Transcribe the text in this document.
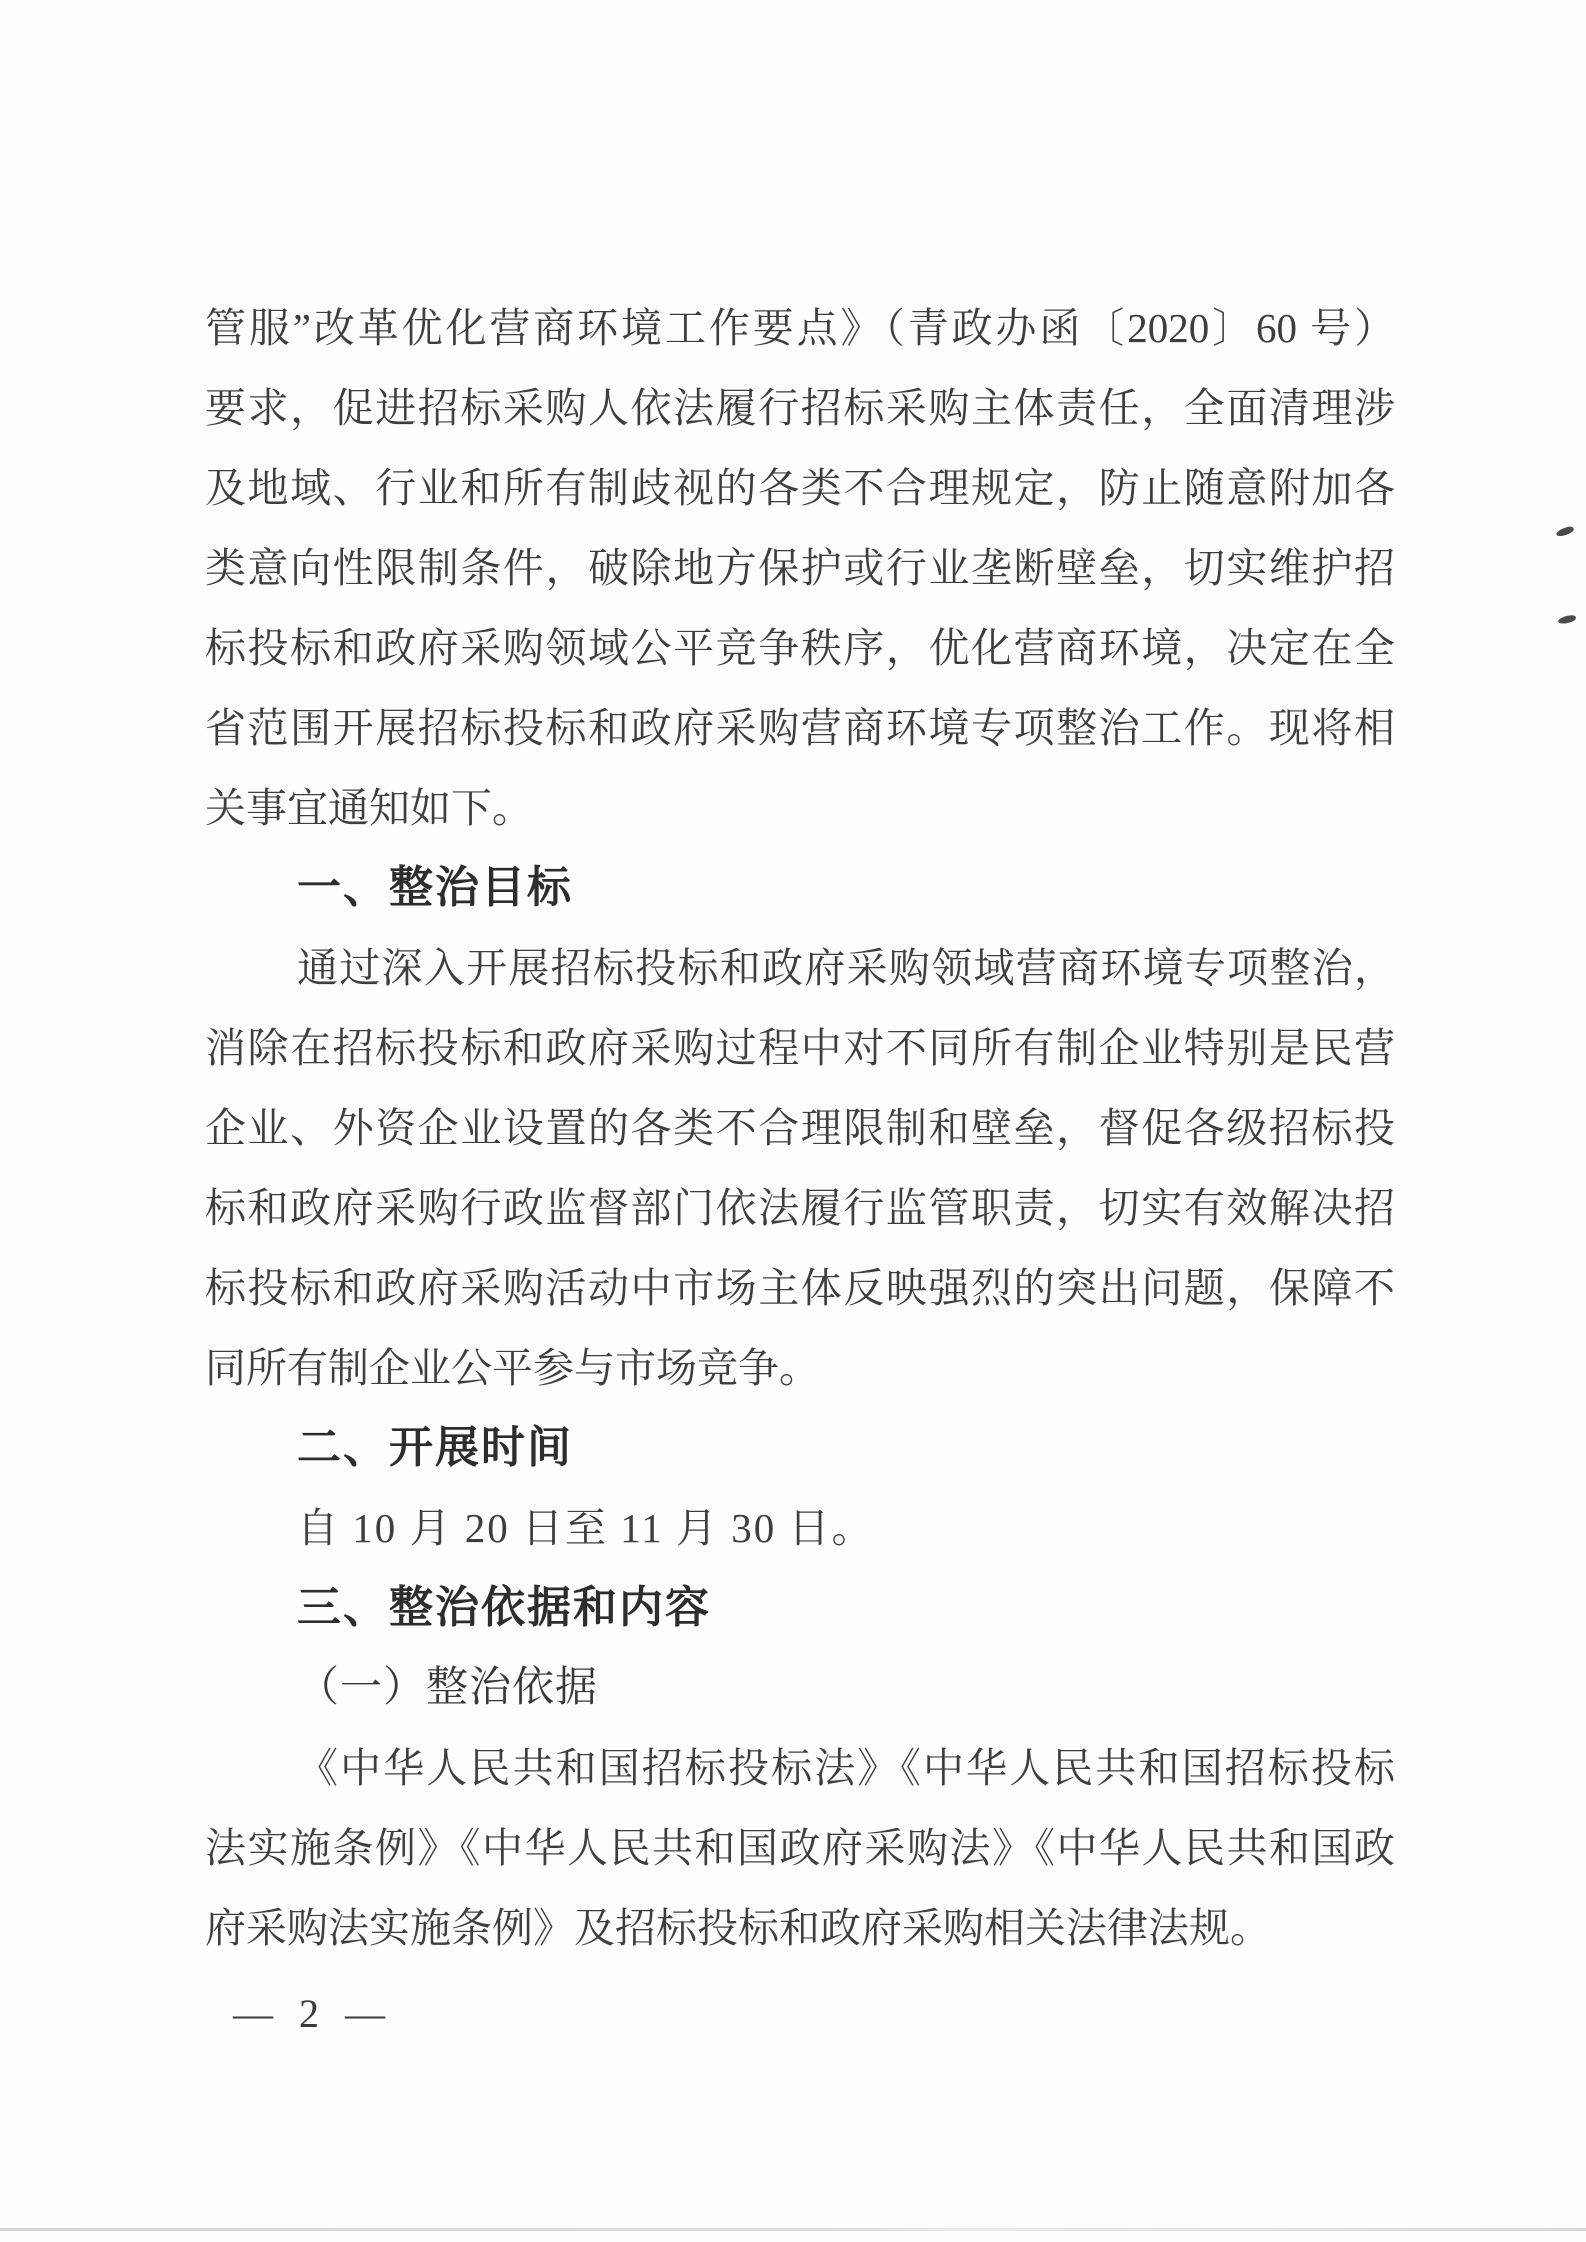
管服”改革优化营商环境工作要点》（青政办函〔2020〕60 号）
要求，促进招标采购人依法履行招标采购主体责任，全面清理涉
及地域、行业和所有制歧视的各类不合理规定，防止随意附加各
类意向性限制条件，破除地方保护或行业垄断壁垒，切实维护招
标投标和政府采购领域公平竞争秩序，优化营商环境，决定在全
省范围开展招标投标和政府采购营商环境专项整治工作。现将相
关事宜通知如下。
一、整治目标
通过深入开展招标投标和政府采购领域营商环境专项整治，
消除在招标投标和政府采购过程中对不同所有制企业特别是民营
企业、外资企业设置的各类不合理限制和壁垒，督促各级招标投
标和政府采购行政监督部门依法履行监管职责，切实有效解决招
标投标和政府采购活动中市场主体反映强烈的突出问题，保障不
同所有制企业公平参与市场竞争。
二、开展时间
自 10 月 20 日至 11 月 30 日。
三、整治依据和内容
（一）整治依据
《中华人民共和国招标投标法》《中华人民共和国招标投标
法实施条例》《中华人民共和国政府采购法》《中华人民共和国政
府采购法实施条例》及招标投标和政府采购相关法律法规。
— 2 —
